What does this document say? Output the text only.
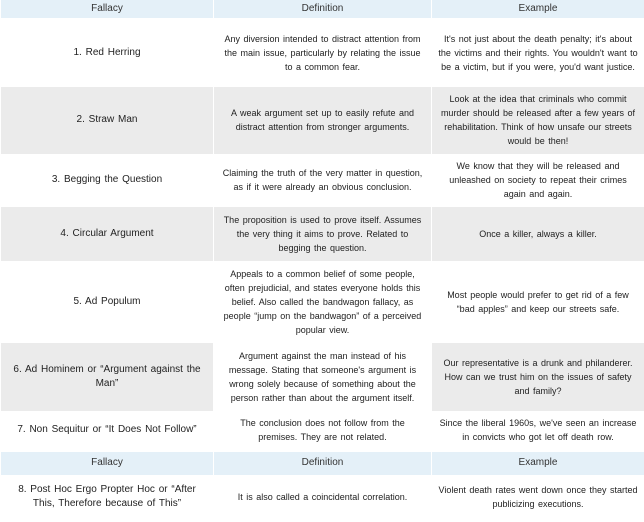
Fallacy	Definition	Example
1. Red Herring	Any diversion intended to distract attention from the main issue, particularly by relating the issue to a common fear.	It's not just about the death penalty; it's about the victims and their rights. You wouldn't want to be a victim, but if you were, you'd want justice.
2. Straw Man	A weak argument set up to easily refute and distract attention from stronger arguments.	Look at the idea that criminals who commit murder should be released after a few years of rehabilitation. Think of how unsafe our streets would be then!
3. Begging the Question	Claiming the truth of the very matter in question, as if it were already an obvious conclusion.	We know that they will be released and unleashed on society to repeat their crimes again and again.
4. Circular Argument	The proposition is used to prove itself. Assumes the very thing it aims to prove. Related to begging the question.	Once a killer, always a killer.
5. Ad Populum	Appeals to a common belief of some people, often prejudicial, and states everyone holds this belief. Also called the bandwagon fallacy, as people “jump on the bandwagon” of a perceived popular view.	Most people would prefer to get rid of a few “bad apples” and keep our streets safe.
6. Ad Hominem or “Argument against the Man”	Argument against the man instead of his message. Stating that someone's argument is wrong solely because of something about the person rather than about the argument itself.	Our representative is a drunk and philanderer. How can we trust him on the issues of safety and family?
7. Non Sequitur or “It Does Not Follow”	The conclusion does not follow from the premises. They are not related.	Since the liberal 1960s, we've seen an increase in convicts who got let off death row.
Fallacy	Definition	Example
8. Post Hoc Ergo Propter Hoc or “After This, Therefore because of This”	It is also called a coincidental correlation.	Violent death rates went down once they started publicizing executions.
